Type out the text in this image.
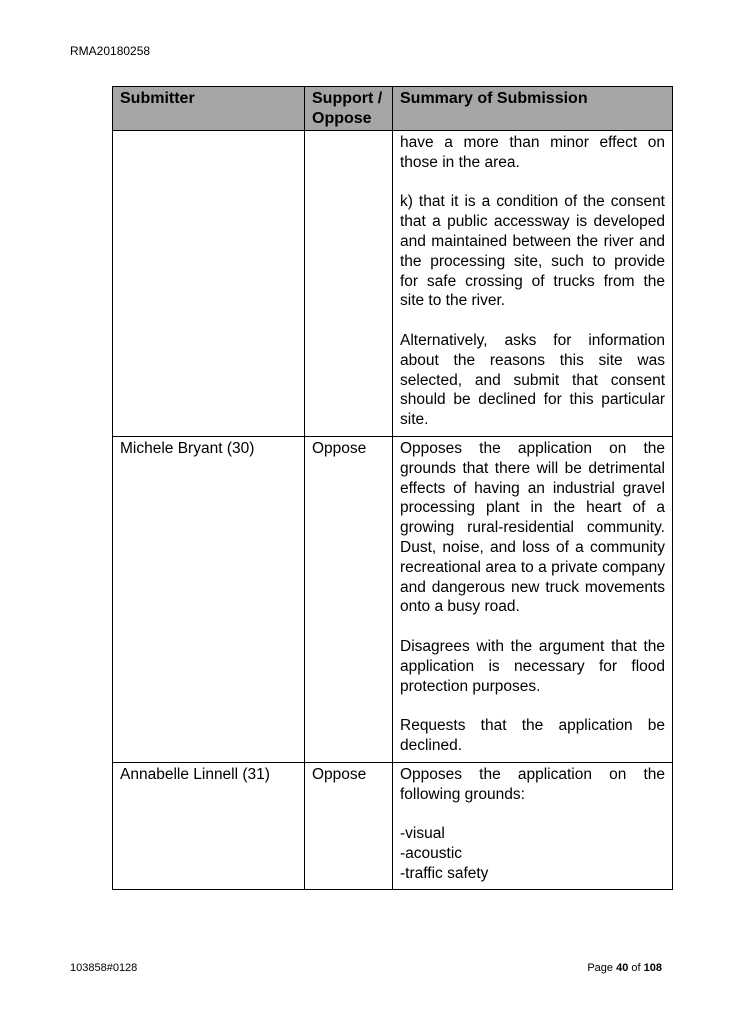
RMA20180258
Submitter	Support / Oppose	Summary of Submission

		have a more than minor effect on those in the area.

k) that it is a condition of the consent that a public accessway is developed and maintained between the river and the processing site, such to provide for safe crossing of trucks from the site to the river.

Alternatively, asks for information about the reasons this site was selected, and submit that consent should be declined for this particular site.

Michele Bryant (30)	Oppose	Opposes the application on the grounds that there will be detrimental effects of having an industrial gravel processing plant in the heart of a growing rural-residential community. Dust, noise, and loss of a community recreational area to a private company and dangerous new truck movements onto a busy road.

Disagrees with the argument that the application is necessary for flood protection purposes.

Requests that the application be declined.

Annabelle Linnell (31)	Oppose	Opposes the application on the following grounds:

-visual

-acoustic

-traffic safety

103858#0128	Page 40 of 108
